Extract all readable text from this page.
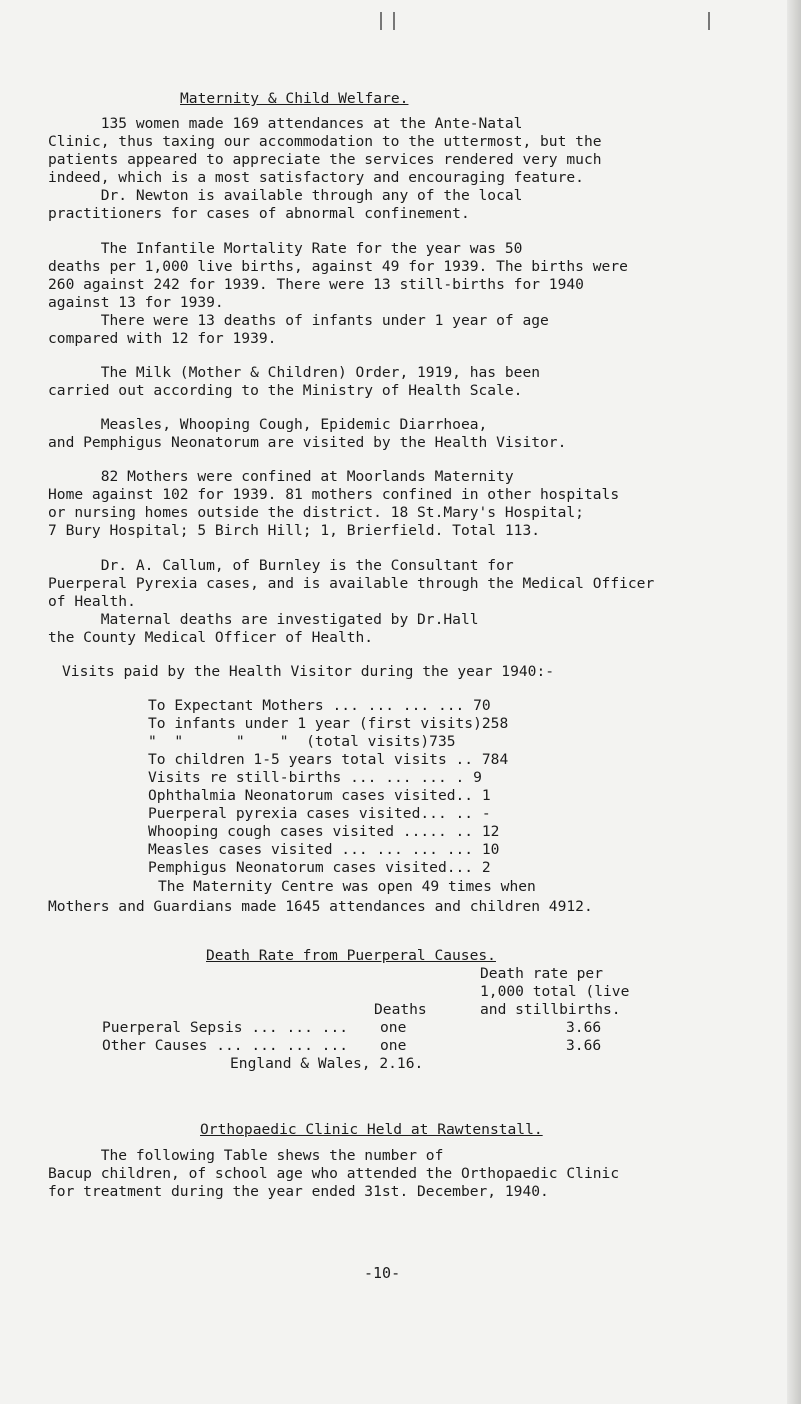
Maternity & Child Welfare.
135 women made 169 attendances at the Ante-Natal
Clinic, thus taxing our accommodation to the uttermost, but the
patients appeared to appreciate the services rendered very much
indeed, which is a most satisfactory and encouraging feature.
Dr. Newton is available through any of the local
practitioners for cases of abnormal confinement.
The Infantile Mortality Rate for the year was 50
deaths per 1,000 live births, against 49 for 1939. The births were
260 against 242 for 1939. There were 13 still-births for 1940
against 13 for 1939.
There were 13 deaths of infants under 1 year of age
compared with 12 for 1939.
The Milk (Mother & Children) Order, 1919, has been
carried out according to the Ministry of Health Scale.
Measles, Whooping Cough, Epidemic Diarrhoea,
and Pemphigus Neonatorum are visited by the Health Visitor.
82 Mothers were confined at Moorlands Maternity
Home against 102 for 1939. 81 mothers confined in other hospitals
or nursing homes outside the district. 18 St.Mary's Hospital;
7 Bury Hospital; 5 Birch Hill; 1, Brierfield. Total 113.
Dr. A. Callum, of Burnley is the Consultant for
Puerperal Pyrexia cases, and is available through the Medical Officer
of Health.
Maternal deaths are investigated by Dr.Hall
the County Medical Officer of Health.
Visits paid by the Health Visitor during the year 1940:-
To Expectant Mothers ... ... ... ... 70
To infants under 1 year (first visits)258
"  "      "    "  (total visits)735
To children 1-5 years total visits .. 784
Visits re still-births ... ... ... . 9
Ophthalmia Neonatorum cases visited.. 1
Puerperal pyrexia cases visited... .. -
Whooping cough cases visited ..... .. 12
Measles cases visited ... ... ... ... 10
Pemphigus Neonatorum cases visited... 2
The Maternity Centre was open 49 times when
Mothers and Guardians made 1645 attendances and children 4912.
Death Rate from Puerperal Causes.
Death rate per
1,000 total (live
Deaths	and stillbirths.
Puerperal Sepsis ... ... ... one	3.66
Other Causes ... ... ... ... one	3.66
England & Wales, 2.16.
Orthopaedic Clinic Held at Rawtenstall.
The following Table shews the number of
Bacup children, of school age who attended the Orthopaedic Clinic
for treatment during the year ended 31st. December, 1940.
-10-
